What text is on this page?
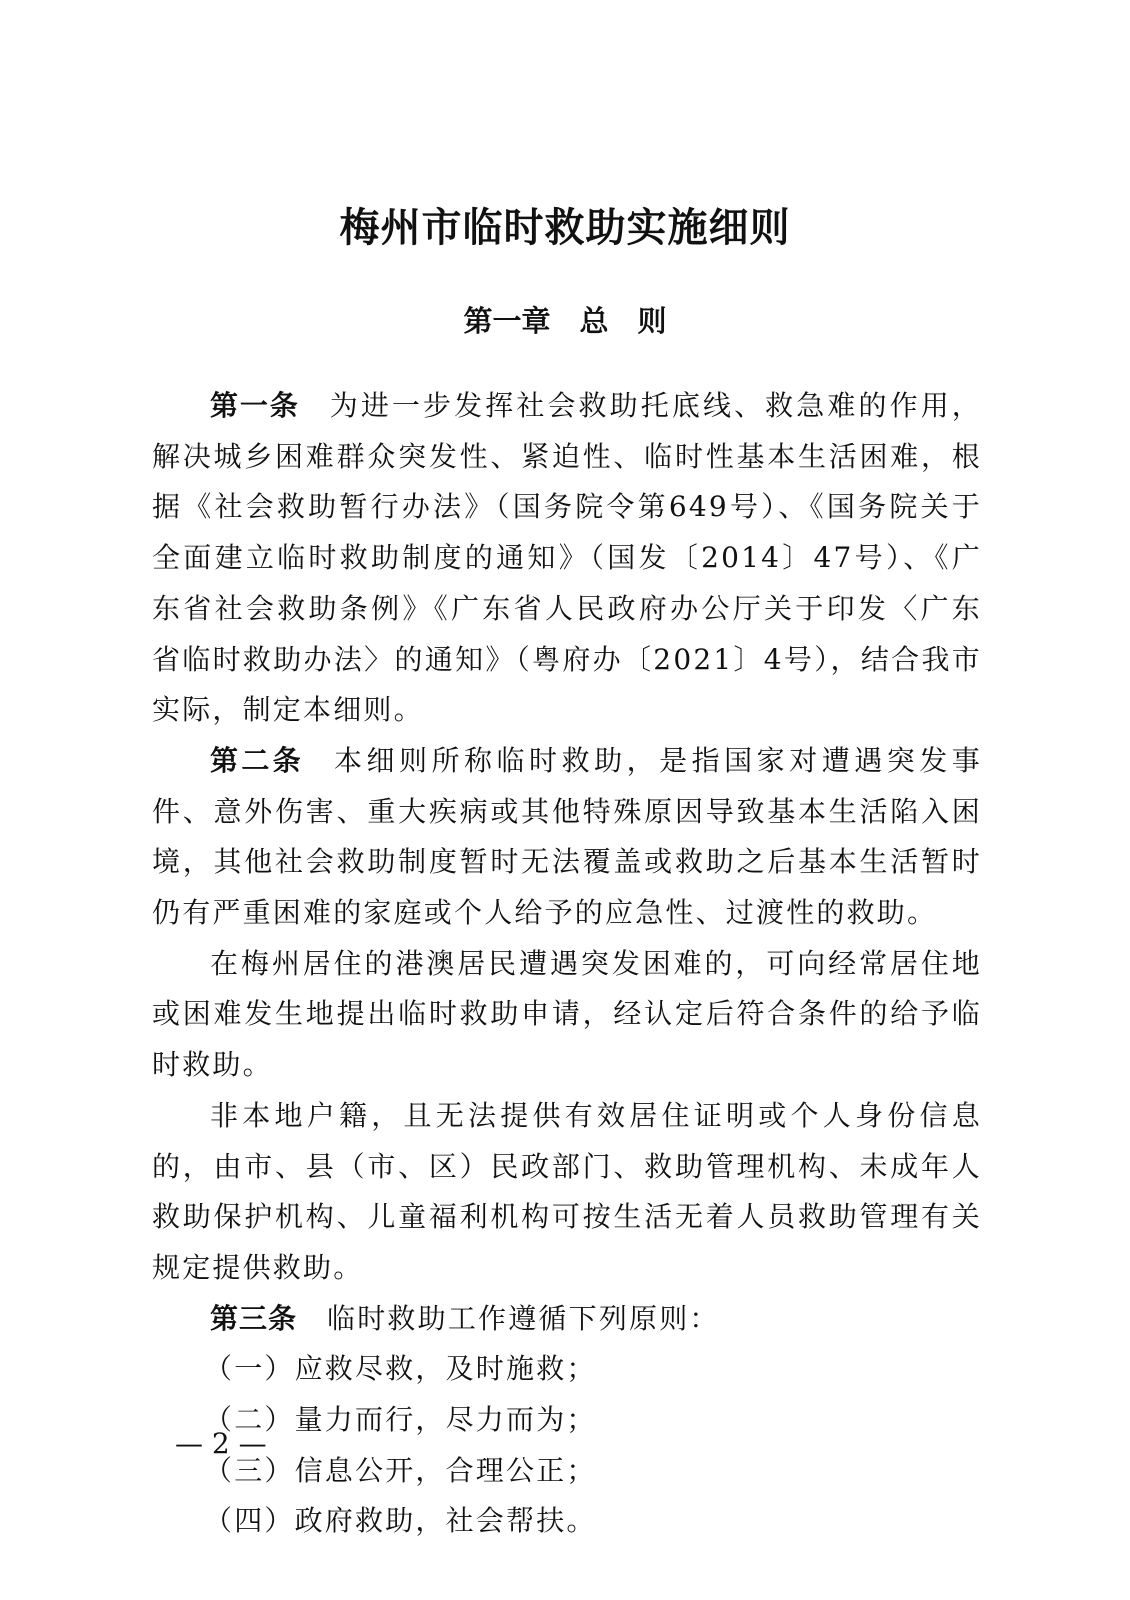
梅州市临时救助实施细则
第一章　总　则

第一条 为进一步发挥社会救助托底线、救急难的作用，解决城乡困难群众突发性、紧迫性、临时性基本生活困难，根据《社会救助暂行办法》（国务院令第649号）、《国务院关于全面建立临时救助制度的通知》（国发〔2014〕47号）、《广东省社会救助条例》《广东省人民政府办公厅关于印发〈广东省临时救助办法〉的通知》（粤府办〔2021〕4号），结合我市实际，制定本细则。

第二条 本细则所称临时救助，是指国家对遭遇突发事件、意外伤害、重大疾病或其他特殊原因导致基本生活陷入困境，其他社会救助制度暂时无法覆盖或救助之后基本生活暂时仍有严重困难的家庭或个人给予的应急性、过渡性的救助。

在梅州居住的港澳居民遭遇突发困难的，可向经常居住地或困难发生地提出临时救助申请，经认定后符合条件的给予临时救助。

非本地户籍，且无法提供有效居住证明或个人身份信息的，由市、县（市、区）民政部门、救助管理机构、未成年人救助保护机构、儿童福利机构可按生活无着人员救助管理有关规定提供救助。

第三条 临时救助工作遵循下列原则：

（一）应救尽救，及时施救；

（二）量力而行，尽力而为；

（三）信息公开，合理公正；

（四）政府救助，社会帮扶。

— 2 —
